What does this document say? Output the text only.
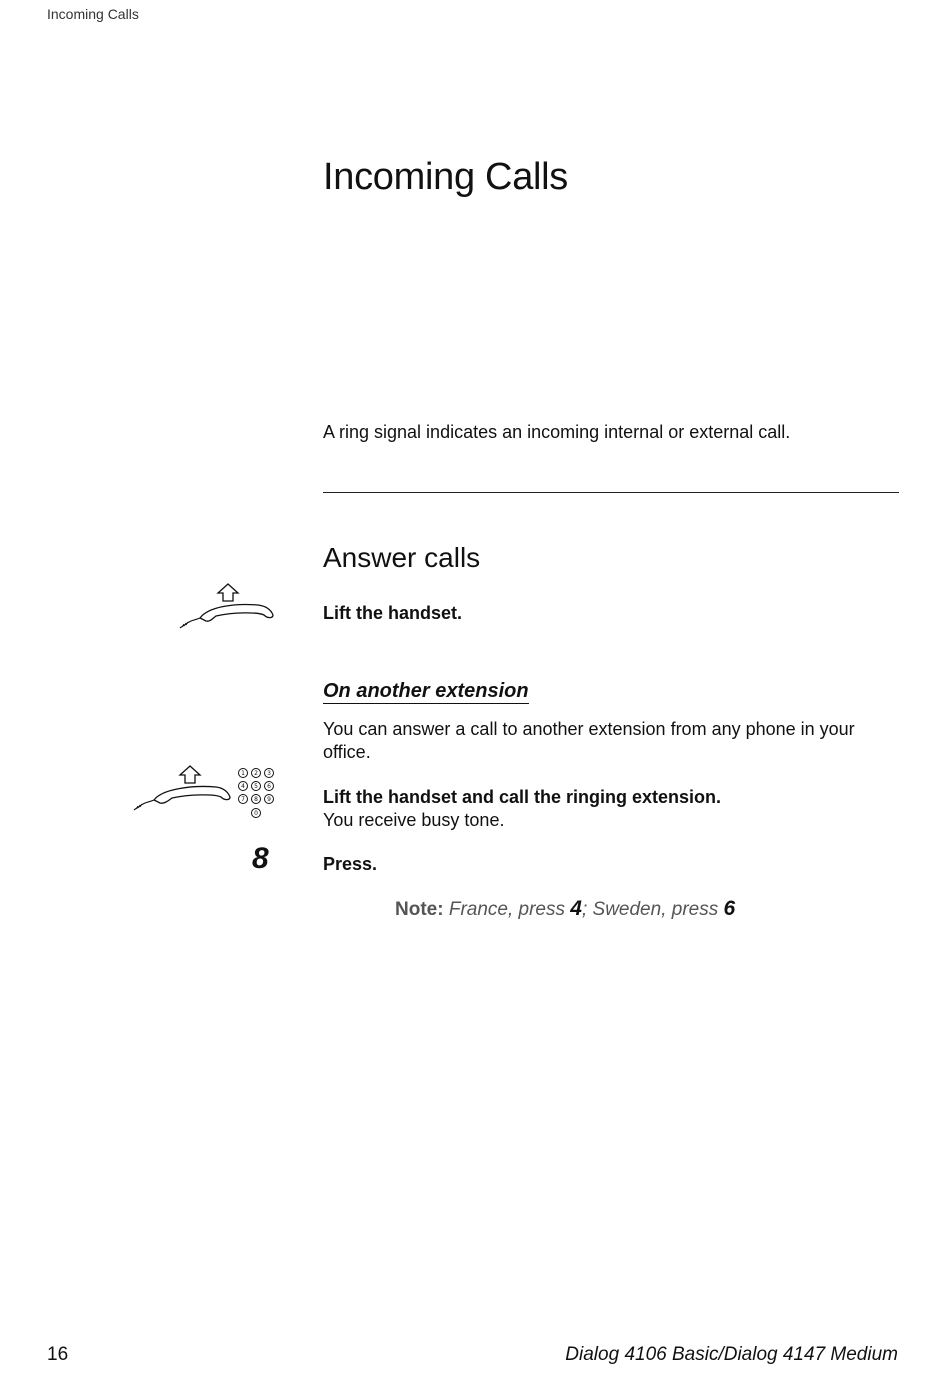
Incoming Calls
Incoming Calls
A ring signal indicates an incoming internal or external call.
Answer calls
Lift the handset.
On another extension
You can answer a call to another extension from any phone in your office.
1 2 3
4 5 6
7 8 9
0
Lift the handset and call the ringing extension.
You receive busy tone.
8	Press.
Note: France, press 4; Sweden, press 6
16	Dialog 4106 Basic/Dialog 4147 Medium
